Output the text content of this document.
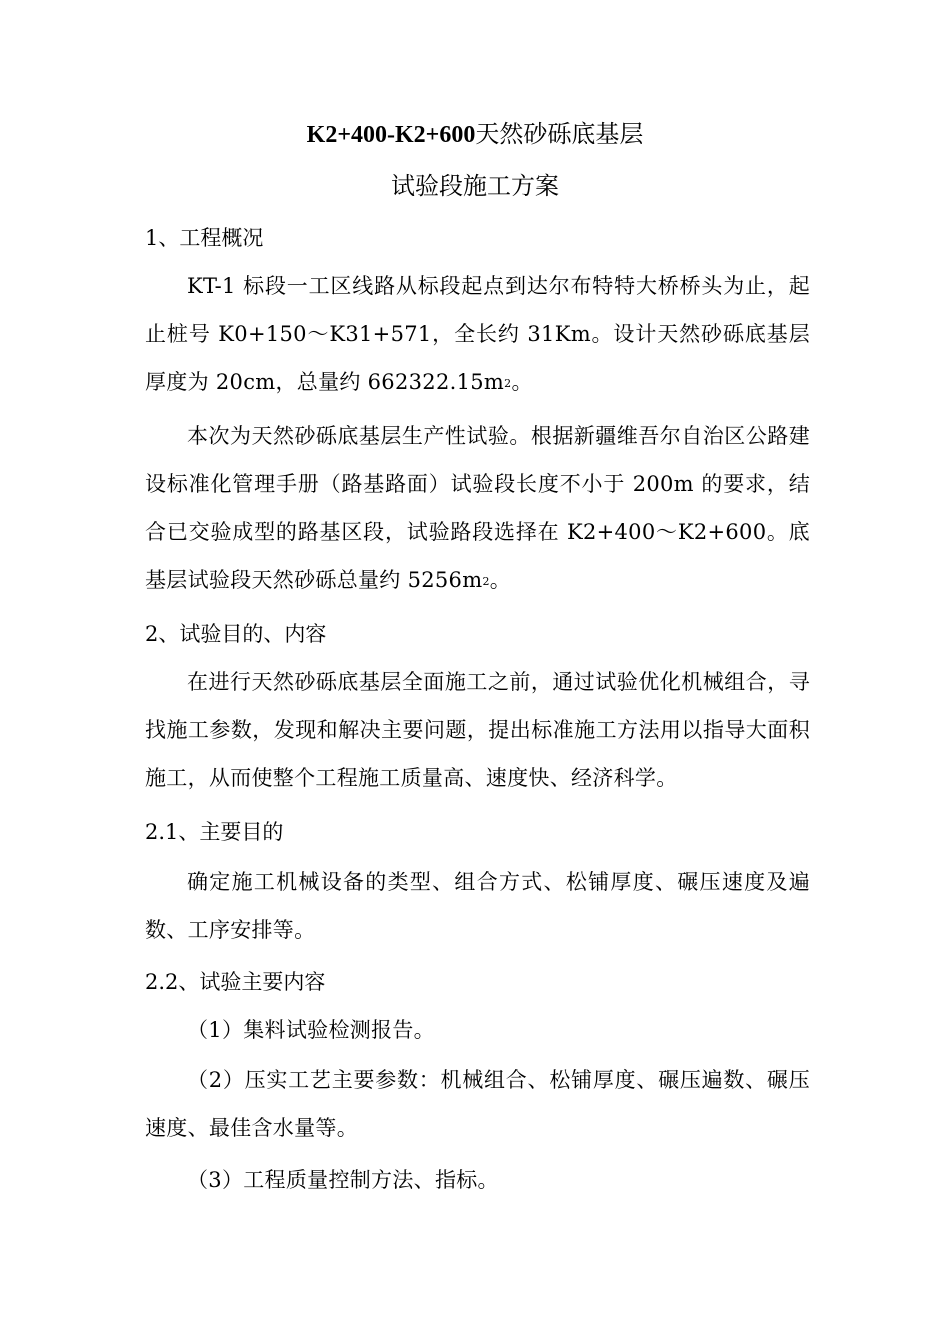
K2+400-K2+600天然砂砾底基层
试验段施工方案
1、工程概况

KT-1 标段一工区线路从标段起点到达尔布特特大桥桥头为止，起止桩号 K0+150～K31+571，全长约 31Km。设计天然砂砾底基层厚度为 20cm，总量约 $662322.15m^2$。

本次为天然砂砾底基层生产性试验。根据新疆维吾尔自治区公路建设标准化管理手册（路基路面）试验段长度不小于 200m 的要求，结合已交验成型的路基区段，试验路段选择在 K2+400～K2+600。底基层试验段天然砂砾总量约 $5256m^2$。

2、试验目的、内容

在进行天然砂砾底基层全面施工之前，通过试验优化机械组合，寻找施工参数，发现和解决主要问题，提出标准施工方法用以指导大面积施工，从而使整个工程施工质量高、速度快、经济科学。

2.1、主要目的

确定施工机械设备的类型、组合方式、松铺厚度、碾压速度及遍数、工序安排等。

2.2、试验主要内容

（1）集料试验检测报告。

（2）压实工艺主要参数：机械组合、松铺厚度、碾压遍数、碾压速度、最佳含水量等。

（3）工程质量控制方法、指标。
